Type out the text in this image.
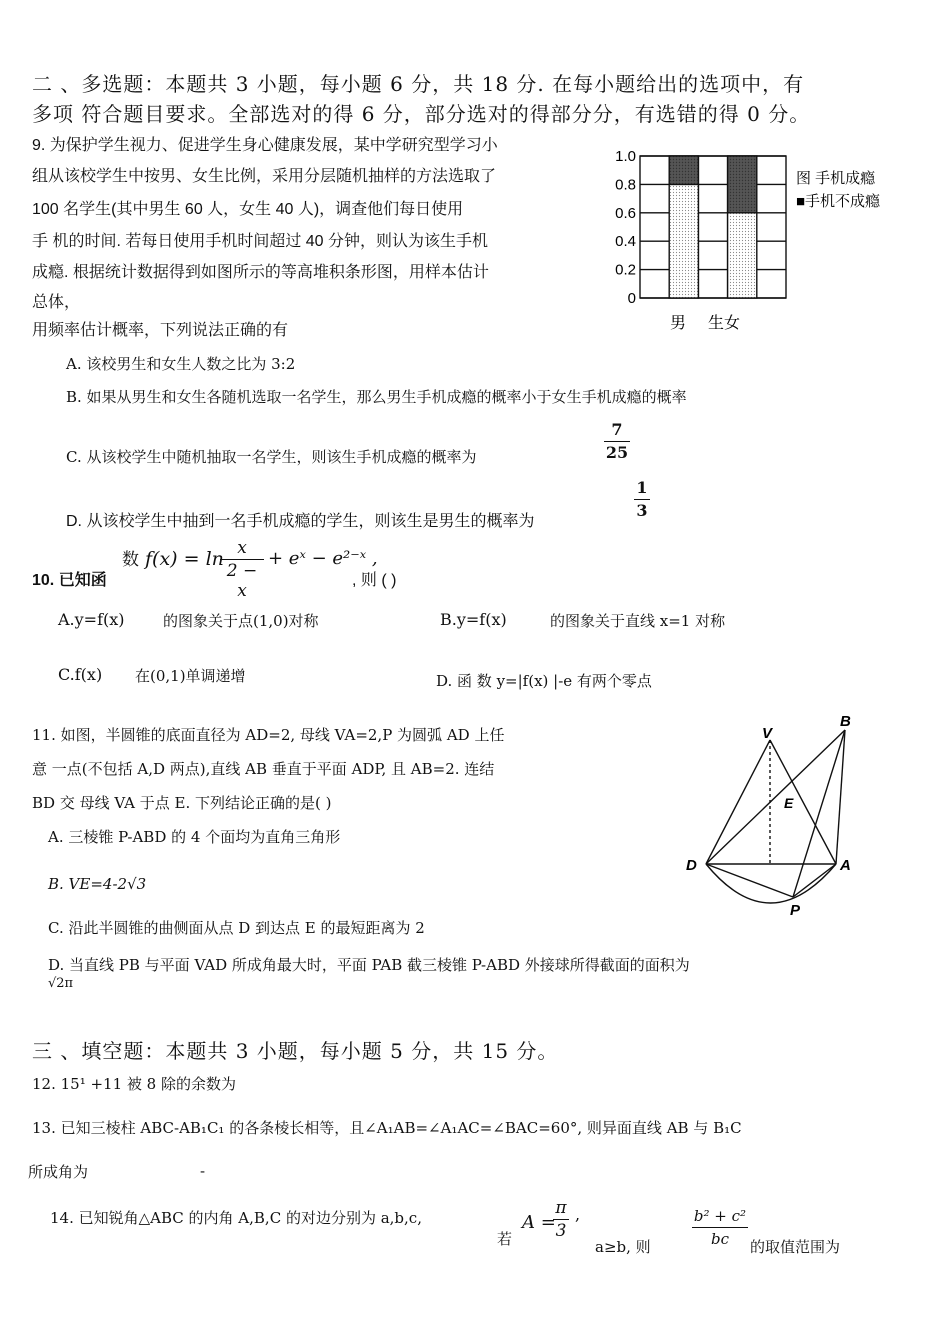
二 、多选题：本题共 3 小题，每小题 6 分，共 18 分. 在每小题给出的选项中，有
多项 符合题目要求。全部选对的得 6 分，部分选对的得部分分，有选错的得 0 分。
9. 为保护学生视力、促进学生身心健康发展，某中学研究型学习小
组从该校学生中按男、女生比例，采用分层随机抽样的方法选取了
100 名学生(其中男生 60 人，女生 40 人)，调查他们每日使用
手 机的时间. 若每日使用手机时间超过 40 分钟，则认为该生手机
成瘾. 根据统计数据得到如图所示的等高堆积条形图，用样本估计
总体，
用频率估计概率，下列说法正确的有
0
0.2
0.4
0.6
0.8
1.0
图 手机成瘾
■手机不成瘾
男 生女
A. 该校男生和女生人数之比为 3:2
B. 如果从男生和女生各随机选取一名学生，那么男生手机成瘾的概率小于女生手机成瘾的概率
C. 从该校学生中随机抽取一名学生，则该生手机成瘾的概率为
7
25
D. 从该校学生中抽到一名手机成瘾的学生，则该生是男生的概率为
1
3
10. 已知函
数 f(x) = ln x
2 − x
+ eˣ − e²⁻ˣ ,
, 则 ( )
A.y=f(x)	的图象关于点(1,0)对称	B.y=f(x)	的图象关于直线 x=1 对称
C.f(x) 在(0,1)单调递增	D. 函 数 y=|f(x) |-e 有两个零点
11. 如图，半圆锥的底面直径为 AD=2, 母线 VA=2,P 为圆弧 AD 上任
意 一点(不包括 A,D 两点),直线 AB 垂直于平面 ADP, 且 AB=2. 连结
BD 交 母线 VA 于点 E. 下列结论正确的是( )
A. 三棱锥 P-ABD 的 4 个面均为直角三角形
B. VE=4-2√3
C. 沿此半圆锥的曲侧面从点 D 到达点 E 的最短距离为 2
D. 当直线 PB 与平面 VAD 所成角最大时，平面 PAB 截三棱锥 P-ABD 外接球所得截面的面积为
√2π
V
B
E
D	A
P
三 、填空题：本题共 3 小题，每小题 5 分，共 15 分。
12. 15¹ +11 被 8 除的余数为
13. 已知三棱柱 ABC-AB₁C₁ 的各条棱长相等，且∠A₁AB=∠A₁AC=∠BAC=60°, 则异面直线 AB 与 B₁C
所成角为	-
14. 已知锐角△ABC 的内角 A,B,C 的对边分别为 a,b,c,
若
A =
π
3
,
a≥b, 则
b² + c²
bc	的取值范围为
